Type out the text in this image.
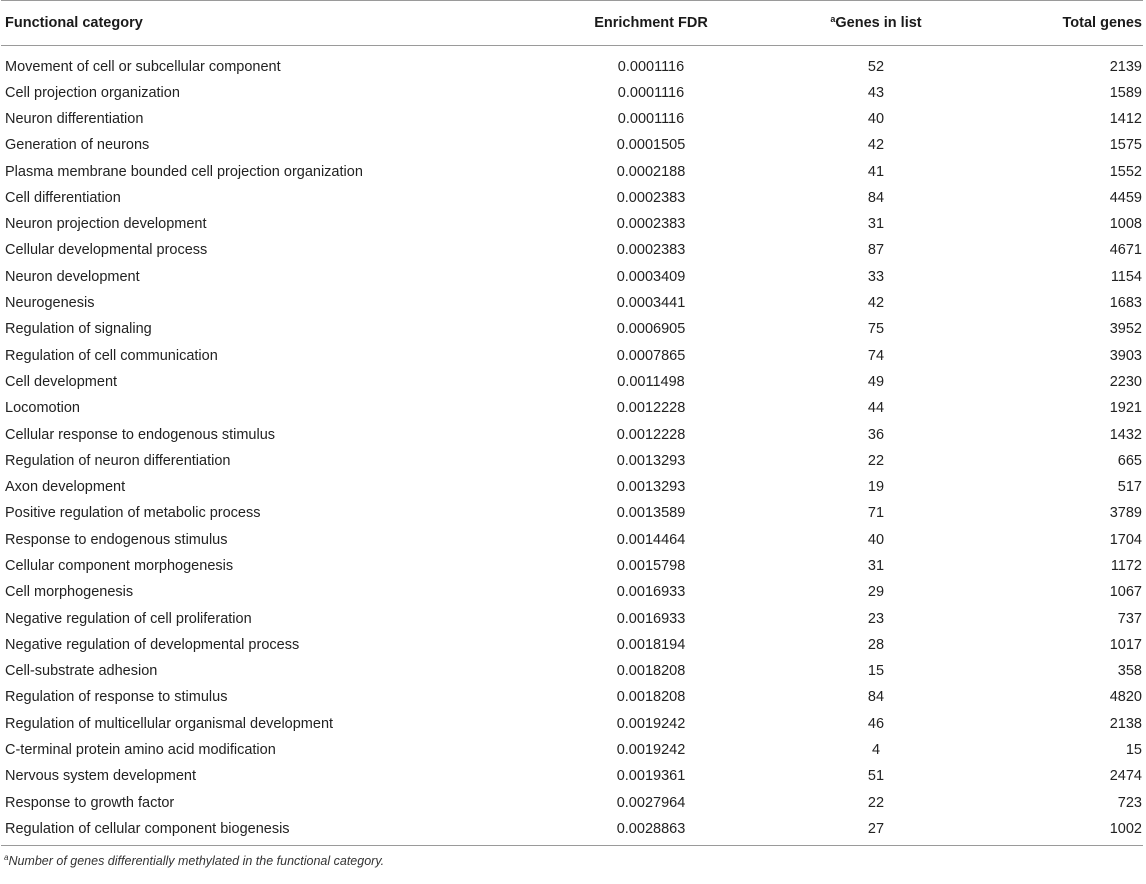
Functional category	Enrichment FDR	$^a$Genes in list	Total genes
Movement of cell or subcellular component	0.0001116	52	2139
Cell projection organization	0.0001116	43	1589
Neuron differentiation	0.0001116	40	1412
Generation of neurons	0.0001505	42	1575
Plasma membrane bounded cell projection organization	0.0002188	41	1552
Cell differentiation	0.0002383	84	4459
Neuron projection development	0.0002383	31	1008
Cellular developmental process	0.0002383	87	4671
Neuron development	0.0003409	33	1154
Neurogenesis	0.0003441	42	1683
Regulation of signaling	0.0006905	75	3952
Regulation of cell communication	0.0007865	74	3903
Cell development	0.0011498	49	2230
Locomotion	0.0012228	44	1921
Cellular response to endogenous stimulus	0.0012228	36	1432
Regulation of neuron differentiation	0.0013293	22	665
Axon development	0.0013293	19	517
Positive regulation of metabolic process	0.0013589	71	3789
Response to endogenous stimulus	0.0014464	40	1704
Cellular component morphogenesis	0.0015798	31	1172
Cell morphogenesis	0.0016933	29	1067
Negative regulation of cell proliferation	0.0016933	23	737
Negative regulation of developmental process	0.0018194	28	1017
Cell-substrate adhesion	0.0018208	15	358
Regulation of response to stimulus	0.0018208	84	4820
Regulation of multicellular organismal development	0.0019242	46	2138
C-terminal protein amino acid modification	0.0019242	4	15
Nervous system development	0.0019361	51	2474
Response to growth factor	0.0027964	22	723
Regulation of cellular component biogenesis	0.0028863	27	1002
$^a$Number of genes differentially methylated in the functional category.
